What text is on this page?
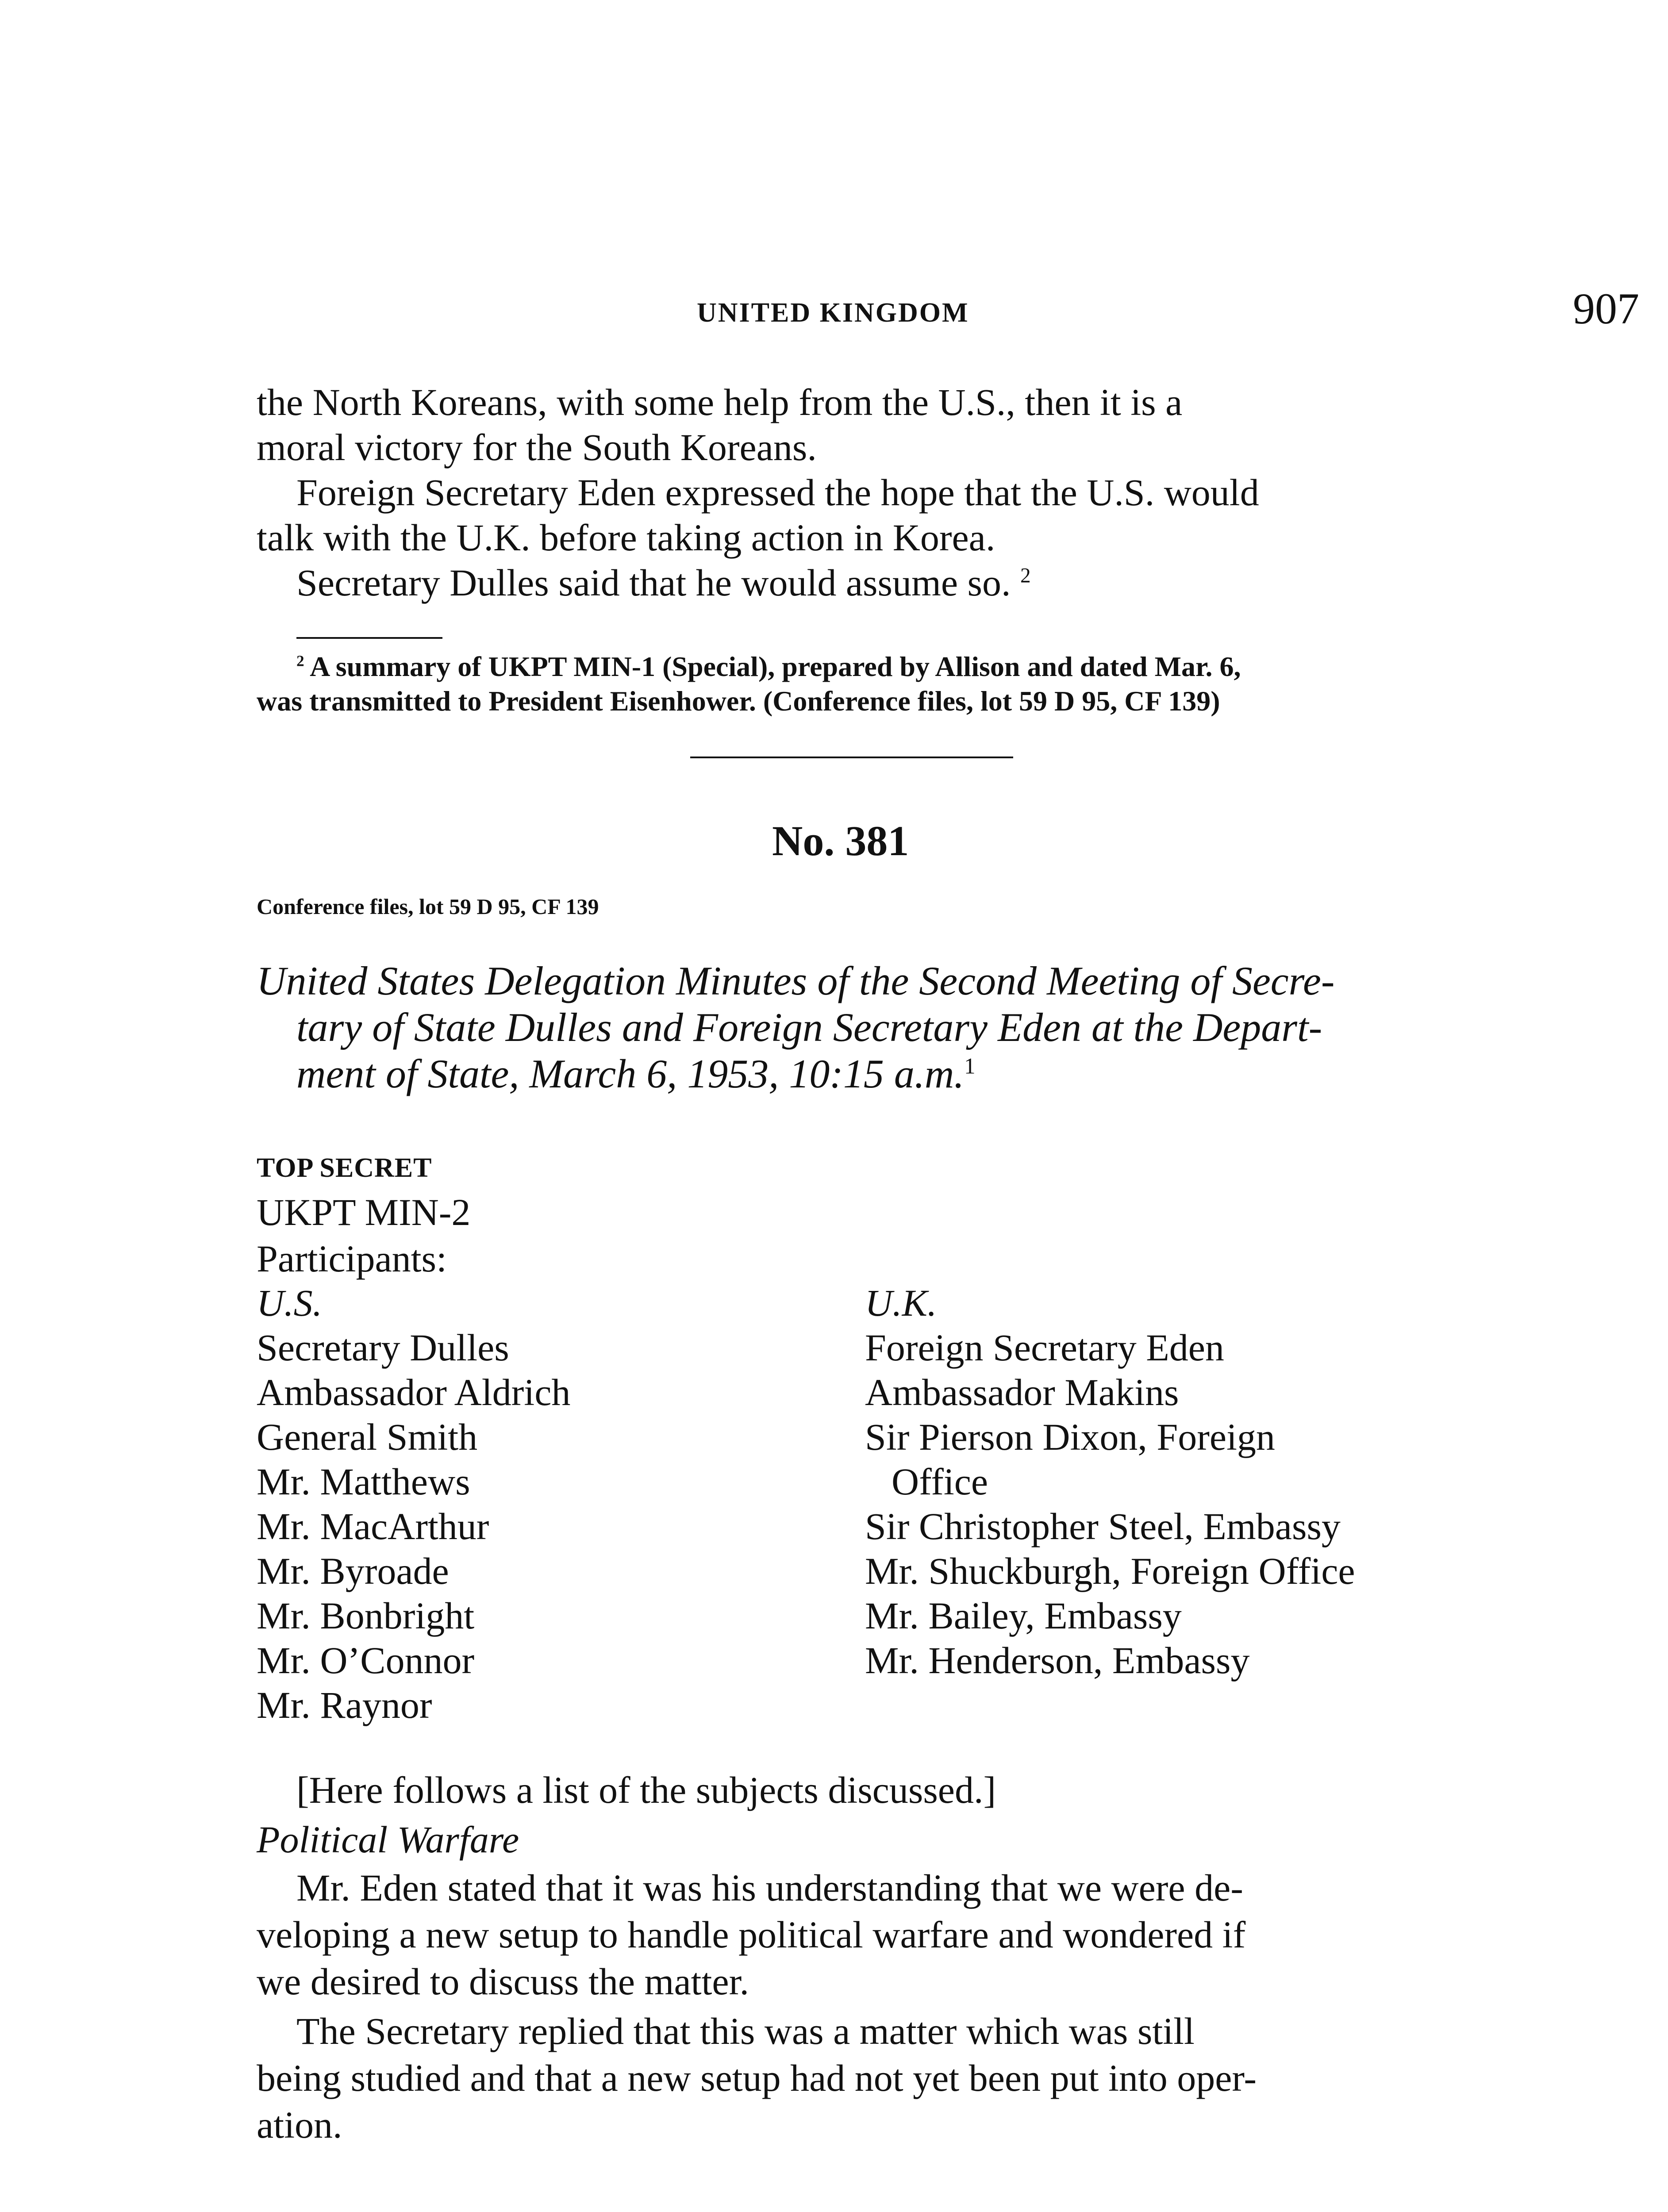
UNITED KINGDOM	907
the North Koreans, with some help from the U.S., then it is a
moral victory for the South Koreans.
Foreign Secretary Eden expressed the hope that the U.S. would
talk with the U.K. before taking action in Korea.
Secretary Dulles said that he would assume so. $^2$
$^2$ A summary of UKPT MIN-1 (Special), prepared by Allison and dated Mar. 6,
was transmitted to President Eisenhower. (Conference files, lot 59 D 95, CF 139)
No. 381
Conference files, lot 59 D 95, CF 139
United States Delegation Minutes of the Second Meeting of Secre-
tary of State Dulles and Foreign Secretary Eden at the Depart-
ment of State, March 6, 1953, 10:15 a.m.$^1$
TOP SECRET
UKPT MIN-2
Participants:
U.S.
Secretary Dulles
Ambassador Aldrich
General Smith
Mr. Matthews
Mr. MacArthur
Mr. Byroade
Mr. Bonbright
Mr. O’Connor
Mr. Raynor
U.K.
Foreign Secretary Eden
Ambassador Makins
Sir Pierson Dixon, Foreign
Office
Sir Christopher Steel, Embassy
Mr. Shuckburgh, Foreign Office
Mr. Bailey, Embassy
Mr. Henderson, Embassy
[Here follows a list of the subjects discussed.]
Political Warfare
Mr. Eden stated that it was his understanding that we were de-
veloping a new setup to handle political warfare and wondered if
we desired to discuss the matter.
The Secretary replied that this was a matter which was still
being studied and that a new setup had not yet been put into oper-
ation.
